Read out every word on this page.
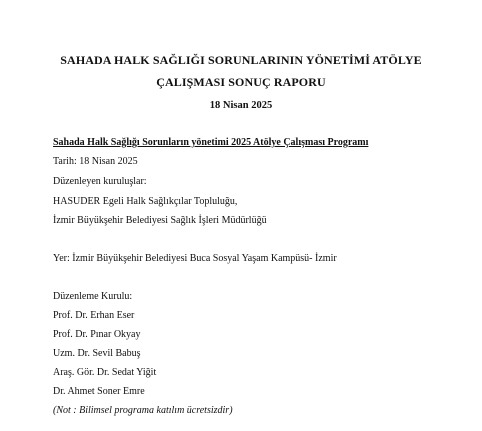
SAHADA HALK SAĞLIĞI SORUNLARININ YÖNETİMİ ATÖLYE
ÇALIŞMASI SONUÇ RAPORU
18 Nisan 2025
Sahada Halk Sağlığı Sorunların yönetimi 2025 Atölye Çalışması Programı
Tarih: 18 Nisan 2025
Düzenleyen kuruluşlar:
HASUDER Egeli Halk Sağlıkçılar Topluluğu,
İzmir Büyükşehir Belediyesi Sağlık İşleri Müdürlüğü
Yer: İzmir Büyükşehir Belediyesi Buca Sosyal Yaşam Kampüsü- İzmir
Düzenleme Kurulu:
Prof. Dr. Erhan Eser
Prof. Dr. Pınar Okyay
Uzm. Dr. Sevil Babuş
Araş. Gör. Dr. Sedat Yiğit
Dr. Ahmet Soner Emre
(Not : Bilimsel programa katılım ücretsizdir)
